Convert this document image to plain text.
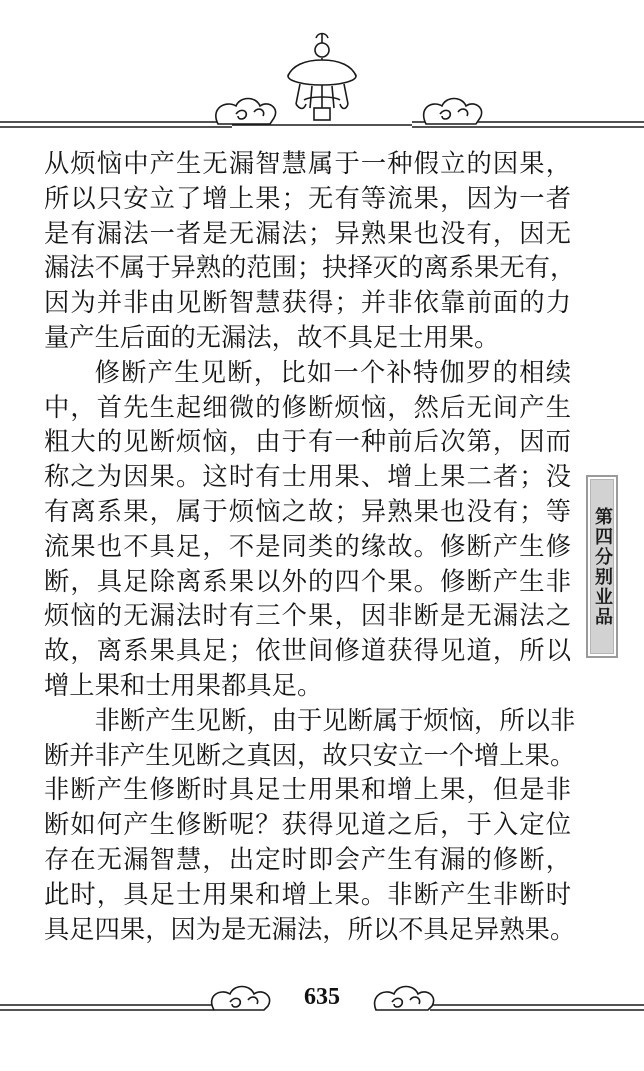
从烦恼中产生无漏智慧属于一种假立的因果，
所以只安立了增上果；无有等流果，因为一者
是有漏法一者是无漏法；异熟果也没有，因无
漏法不属于异熟的范围；抉择灭的离系果无有，
因为并非由见断智慧获得；并非依靠前面的力
量产生后面的无漏法，故不具足士用果。

修断产生见断，比如一个补特伽罗的相续
中，首先生起细微的修断烦恼，然后无间产生
粗大的见断烦恼，由于有一种前后次第，因而
称之为因果。这时有士用果、增上果二者；没
有离系果，属于烦恼之故；异熟果也没有；等
流果也不具足，不是同类的缘故。修断产生修
断，具足除离系果以外的四个果。修断产生非
烦恼的无漏法时有三个果，因非断是无漏法之
故，离系果具足；依世间修道获得见道，所以
增上果和士用果都具足。

非断产生见断，由于见断属于烦恼，所以非
断并非产生见断之真因，故只安立一个增上果。
非断产生修断时具足士用果和增上果，但是非
断如何产生修断呢？获得见道之后，于入定位
存在无漏智慧，出定时即会产生有漏的修断，
此时，具足士用果和增上果。非断产生非断时
具足四果，因为是无漏法，所以不具足异熟果。

第四分别业品
635
